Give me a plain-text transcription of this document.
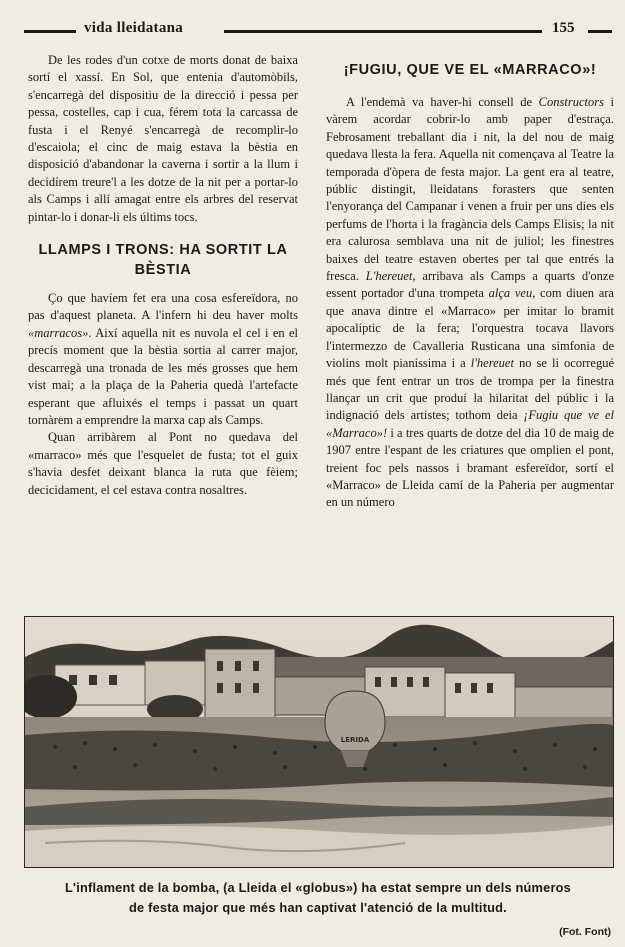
vida lleidatana	155

De les rodes d'un cotxe de morts donat de baixa sortí el xassí. En Sol, que entenia d'automòbils, s'encarregà del dispositiu de la direcció i pessa per pessa, costelles, cap i cua, férem tota la carcassa de fusta i el Renyé s'encarregà de recomplir-lo d'escaiola; el cinc de maig estava la bèstia en disposició d'abandonar la caverna i sortir a la llum i decidírem treure'l a les dotze de la nit per a portar-lo als Camps i allí amagat entre els arbres del reservat pintar-lo i donar-li els últims tocs.

LLAMPS I TRONS: HA SORTIT LA BÈSTIA

Ço que havíem fet era una cosa esfereïdora, no pas d'aquest planeta. A l'infern hi deu haver molts «marracos». Així aquella nit es nuvola el cel i en el precís moment que la bèstia sortia al carrer major, descarregà una tronada de les més grosses que hem vist mai; a la plaça de la Paheria quedà l'artefacte esperant que afluixés el temps i passat un quart tornàrem a emprendre la marxa cap als Camps.

Quan arribàrem al Pont no quedava del «marraco» més que l'esquelet de fusta; tot el guix s'havia desfet deixant blanca la ruta que fèiem; decicidament, el cel estava contra nosaltres.

¡FUGIU, QUE VE EL «MARRACO»!

A l'endemà va haver-hi consell de Constructors i vàrem acordar cobrir-lo amb paper d'estraça. Febrosament treballant dia i nit, la del nou de maig quedava llesta la fera. Aquella nit començava al Teatre la temporada d'òpera de festa major. La gent era al teatre, públic distingit, lleidatans forasters que senten l'enyorança del Campanar i venen a fruir per uns dies els perfums de l'horta i la fragància dels Camps Elisis; la nit era calurosa semblava una nit de juliol; les finestres baixes del teatre estaven obertes per tal que entrés la fresca. L'hereuet, arribava als Camps a quarts d'onze essent portador d'una trompeta alça veu, com diuen ara que anava dintre el «Marraco» per imitar lo bramit apocalíptic de la fera; l'orquestra tocava llavors l'intermezzo de Cavalleria Rusticana una simfonia de violins molt pianíssima i a l'hereuet no se li ocorregué més que fent entrar un tros de trompa per la finestra llançar un crit que produí la hilaritat del públic i la indignació dels artistes; tothom deia ¡Fugiu que ve el «Marraco»! i a tres quarts de dotze del dia 10 de maig de 1907 entre l'espant de les criatures que omplien el pont, treient foc pels nassos i bramant esfereïdor, sortí el «Marraco» de Lleida camí de la Paheria per augmentar en un número

LERIDA
L'inflament de la bomba, (a Lleida el «globus») ha estat sempre un dels números
de festa major que més han captivat l'atenció de la multitud.
(Fot. Font)
